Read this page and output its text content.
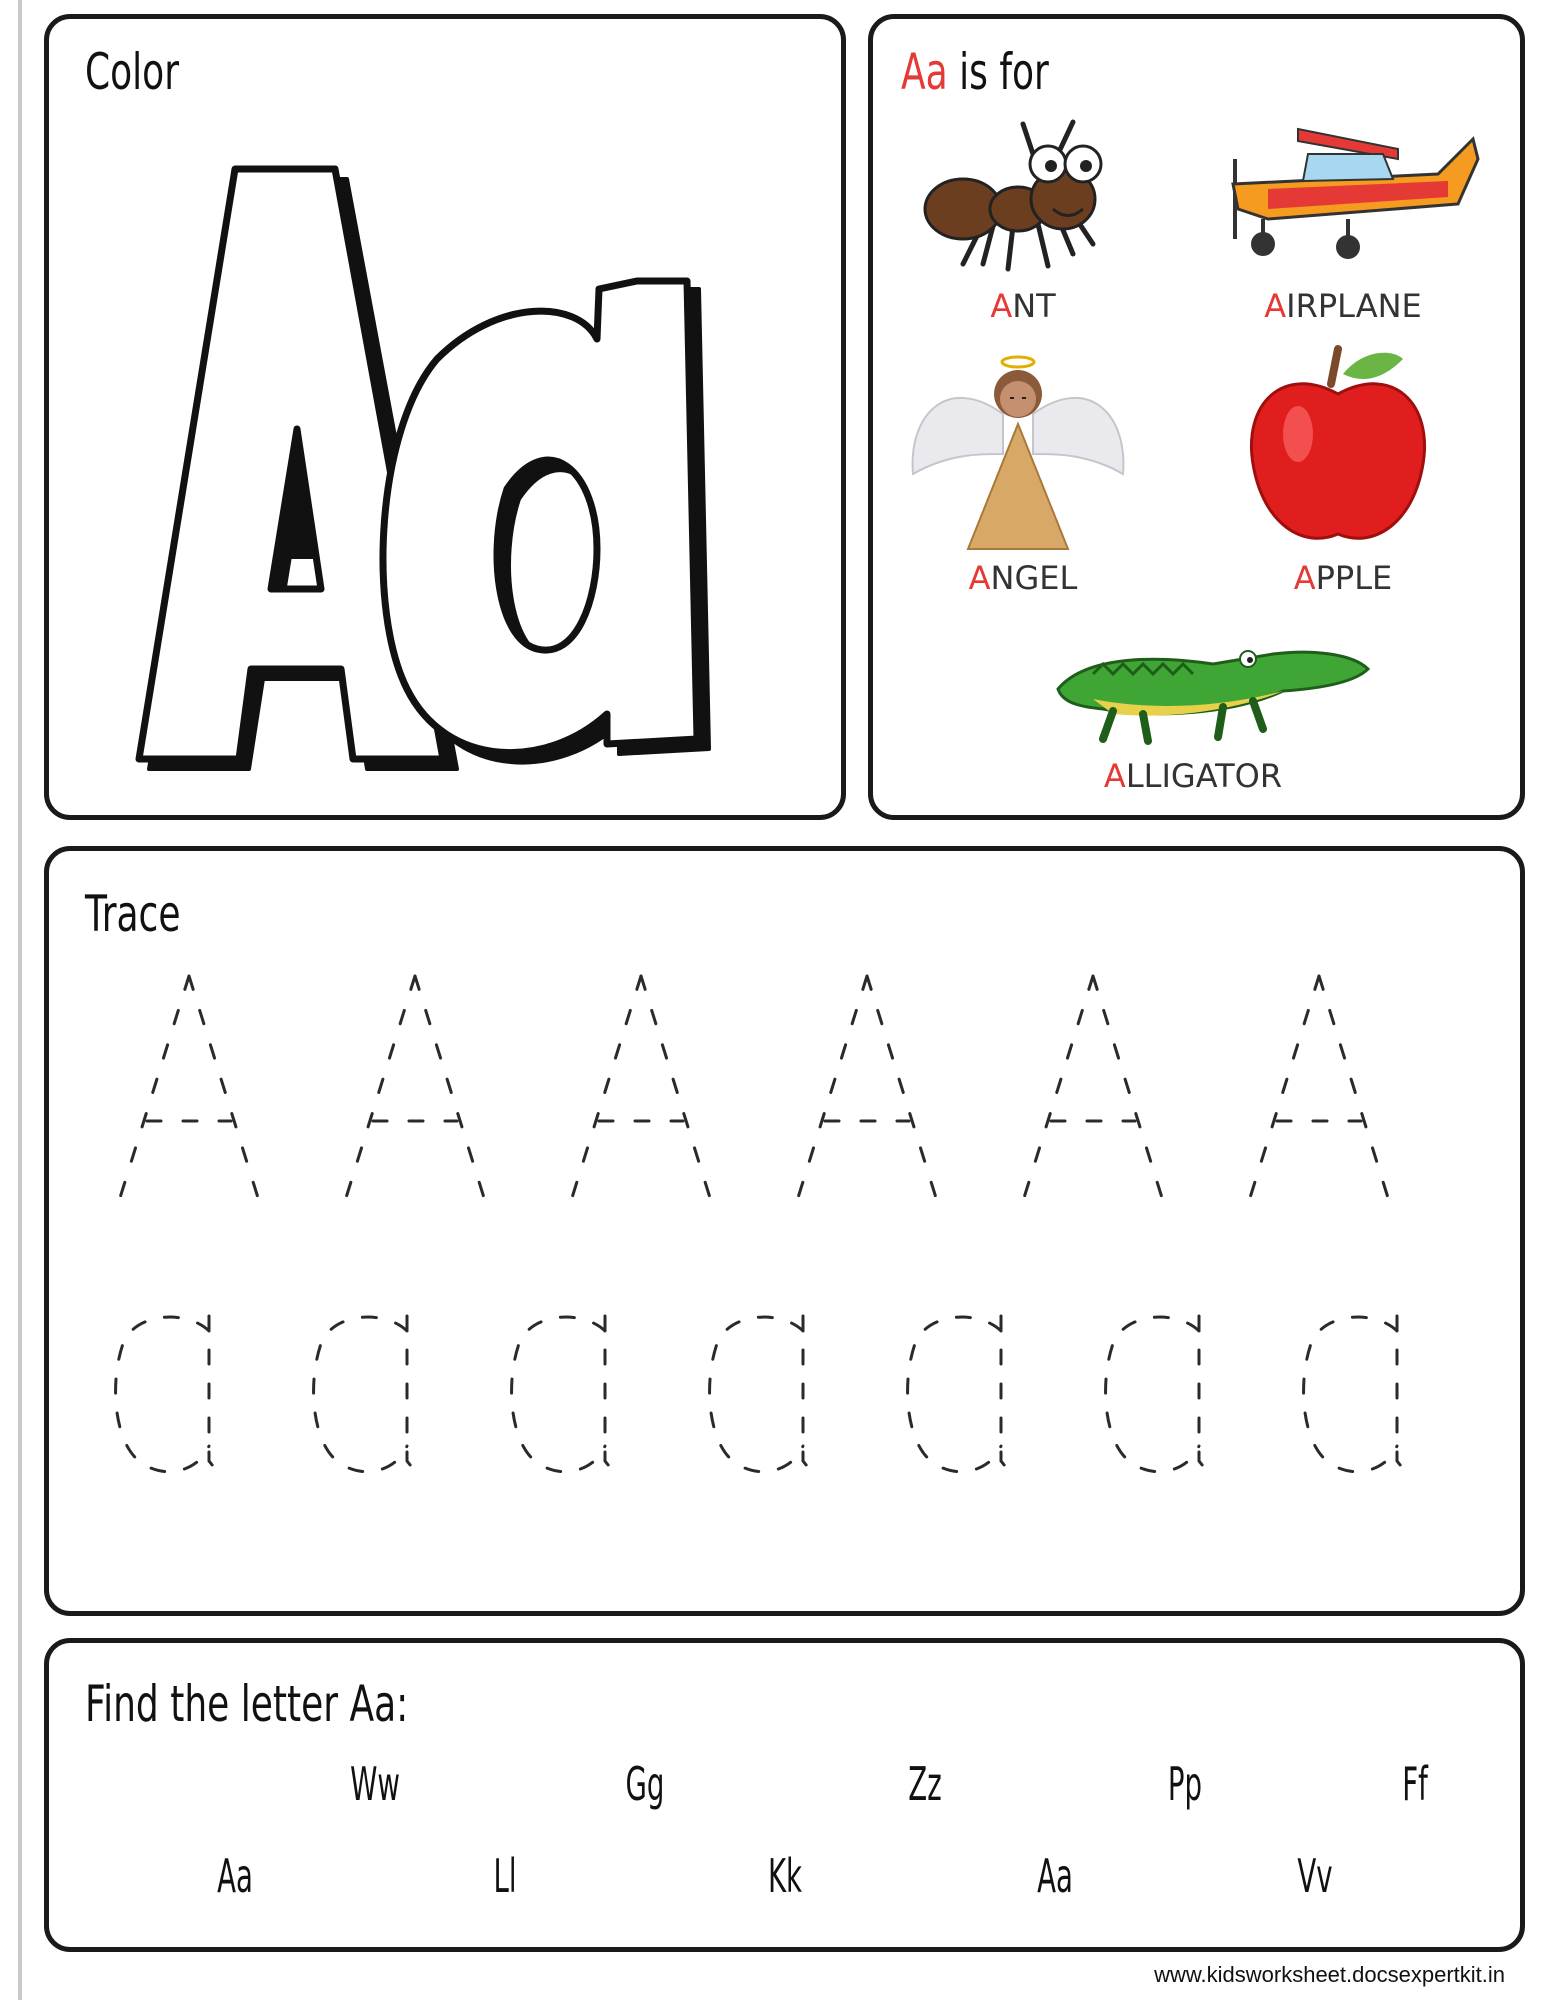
Color	Aa is for
ANT	AIRPLANE
ANGEL	APPLE
ALLIGATOR
Trace
Find the letter Aa:
Ww	Gg	Zz	Pp	Ff
Aa	Ll	Kk	Aa	Vv
www.kidsworksheet.docsexpertkit.in
